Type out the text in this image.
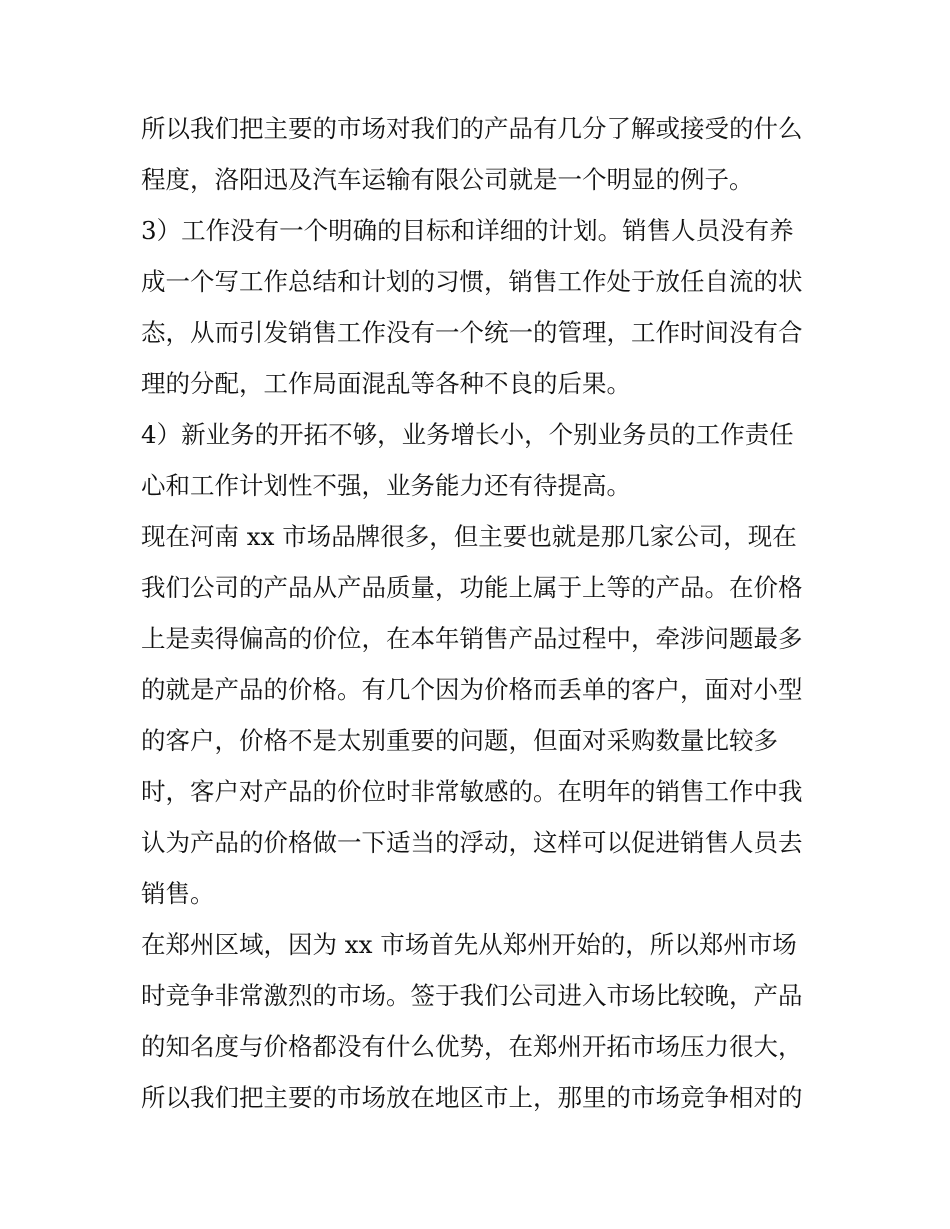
所以我们把主要的市场对我们的产品有几分了解或接受的什么
程度，洛阳迅及汽车运输有限公司就是一个明显的例子。
3）工作没有一个明确的目标和详细的计划。销售人员没有养
成一个写工作总结和计划的习惯，销售工作处于放任自流的状
态，从而引发销售工作没有一个统一的管理，工作时间没有合
理的分配，工作局面混乱等各种不良的后果。
4）新业务的开拓不够，业务增长小，个别业务员的工作责任
心和工作计划性不强，业务能力还有待提高。
现在河南 xx 市场品牌很多，但主要也就是那几家公司，现在
我们公司的产品从产品质量，功能上属于上等的产品。在价格
上是卖得偏高的价位，在本年销售产品过程中，牵涉问题最多
的就是产品的价格。有几个因为价格而丢单的客户，面对小型
的客户，价格不是太别重要的问题，但面对采购数量比较多
时，客户对产品的价位时非常敏感的。在明年的销售工作中我
认为产品的价格做一下适当的浮动，这样可以促进销售人员去
销售。
在郑州区域，因为 xx 市场首先从郑州开始的，所以郑州市场
时竞争非常激烈的市场。签于我们公司进入市场比较晚，产品
的知名度与价格都没有什么优势，在郑州开拓市场压力很大，
所以我们把主要的市场放在地区市上，那里的市场竞争相对的
